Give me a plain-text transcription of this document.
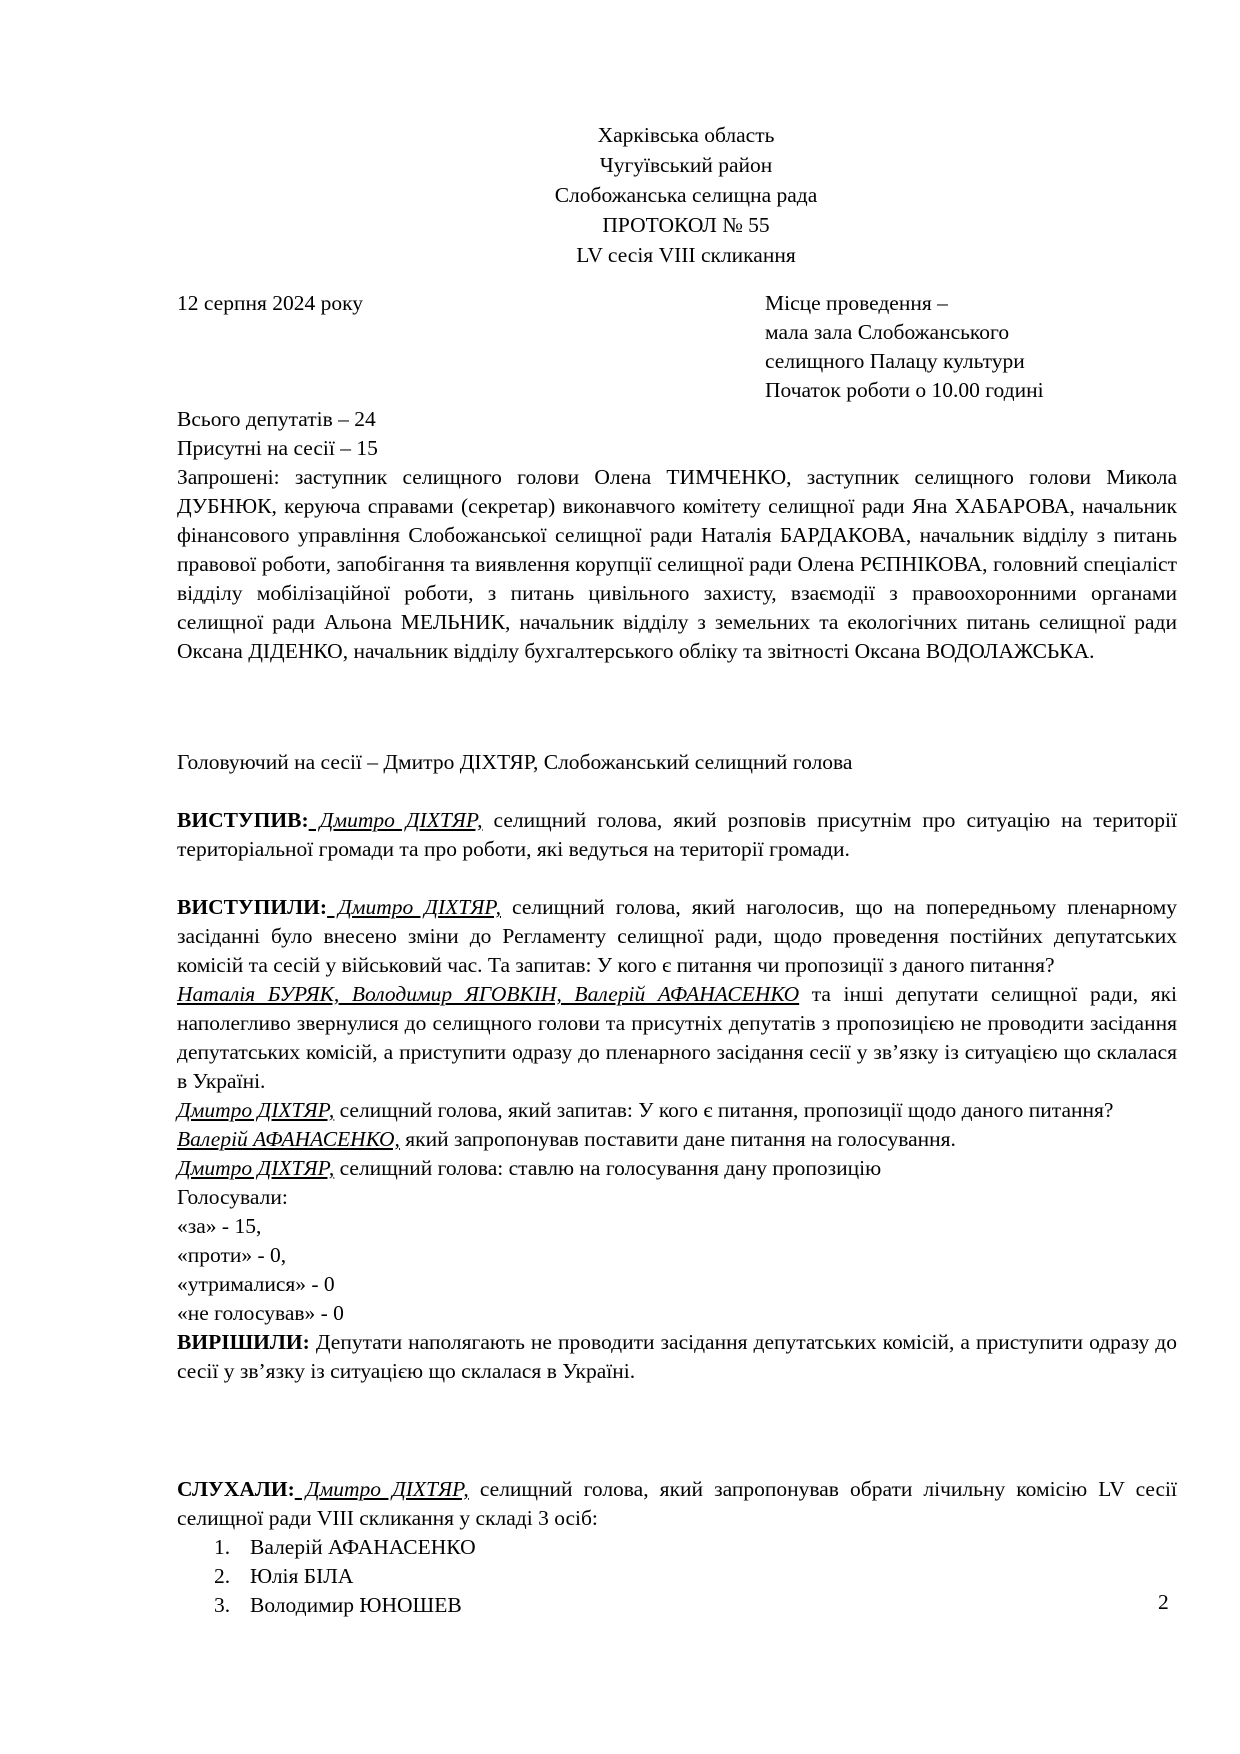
Харківська область
Чугуївський район
Слобожанська селищна рада
ПРОТОКОЛ № 55
LV сесія VIII скликання
12 серпня 2024 року	Місце проведення –
мала зала Слобожанського
селищного Палацу культури
Початок роботи о 10.00 годині
Всього депутатів – 24
Присутні на сесії – 15
Запрошені: заступник селищного голови Олена ТИМЧЕНКО, заступник селищного голови Микола ДУБНЮК, керуюча справами (секретар) виконавчого комітету селищної ради Яна ХАБАРОВА, начальник фінансового управління Слобожанської селищної ради Наталія БАРДАКОВА, начальник відділу з питань правової роботи, запобігання та виявлення корупції селищної ради Олена РЄПНІКОВА, головний спеціаліст відділу мобілізаційної роботи, з питань цивільного захисту, взаємодії з правоохоронними органами селищної ради Альона МЕЛЬНИК, начальник відділу з земельних та екологічних питань селищної ради Оксана ДІДЕНКО, начальник відділу бухгалтерського обліку та звітності Оксана ВОДОЛАЖСЬКА.
Головуючий на сесії – Дмитро ДІХТЯР, Слобожанський селищний голова
ВИСТУПИВ: Дмитро ДІХТЯР, селищний голова, який розповів присутнім про ситуацію на території територіальної громади та про роботи, які ведуться на території громади.
ВИСТУПИЛИ: Дмитро ДІХТЯР, селищний голова, який наголосив, що на попередньому пленарному засіданні було внесено зміни до Регламенту селищної ради, щодо проведення постійних депутатських комісій та сесій у військовий час. Та запитав: У кого є питання чи пропозиції з даного питання?
Наталія БУРЯК, Володимир ЯГОВКІН, Валерій АФАНАСЕНКО та інші депутати селищної ради, які наполегливо звернулися до селищного голови та присутніх депутатів з пропозицією не проводити засідання депутатських комісій, а приступити одразу до пленарного засідання сесії у зв’язку із ситуацією що склалася в Україні.
Дмитро ДІХТЯР, селищний голова, який запитав: У кого є питання, пропозиції щодо даного питання?
Валерій АФАНАСЕНКО, який запропонував поставити дане питання на голосування.
Дмитро ДІХТЯР, селищний голова: ставлю на голосування дану пропозицію
Голосували:
«за» - 15,
«проти» - 0,
«утрималися» - 0
«не голосував» - 0
ВИРІШИЛИ: Депутати наполягають не проводити засідання депутатських комісій, а приступити одразу до сесії у зв’язку із ситуацією що склалася в Україні.
СЛУХАЛИ: Дмитро ДІХТЯР, селищний голова, який запропонував обрати лічильну комісію LV сесії селищної ради VIII скликання у складі 3 осіб:
1. Валерій АФАНАСЕНКО
2. Юлія БІЛА
3. Володимир ЮНОШЕВ	2
